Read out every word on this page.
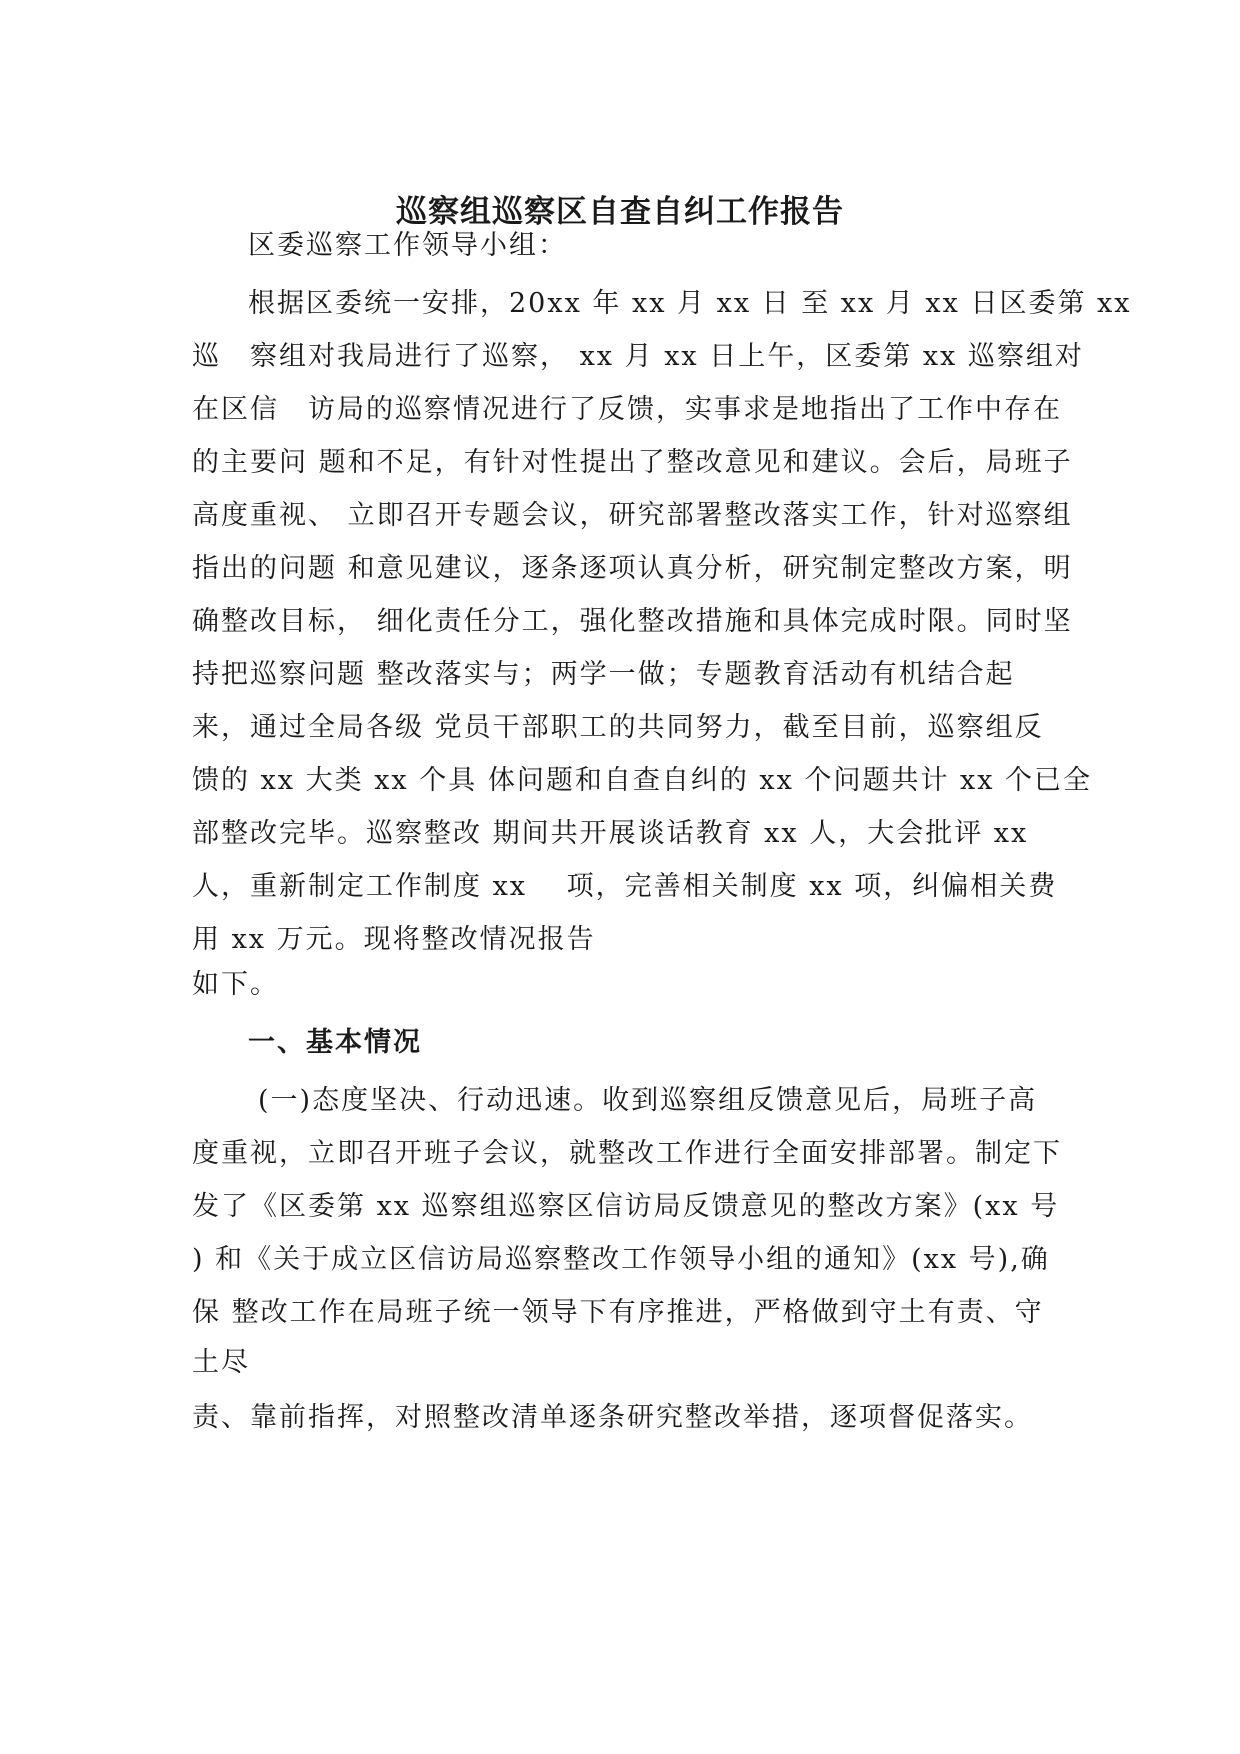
巡察组巡察区自查自纠工作报告
区委巡察工作领导小组：
根据区委统一安排，20xx 年 xx 月 xx 日 至 xx 月 xx 日区委第 xx
巡　察组对我局进行了巡察， xx 月 xx 日上午，区委第 xx 巡察组对
在区信　访局的巡察情况进行了反馈，实事求是地指出了工作中存在
的主要问 题和不足，有针对性提出了整改意见和建议。会后，局班子
高度重视、 立即召开专题会议，研究部署整改落实工作，针对巡察组
指出的问题 和意见建议，逐条逐项认真分析，研究制定整改方案，明
确整改目标， 细化责任分工，强化整改措施和具体完成时限。同时坚
持把巡察问题 整改落实与；两学一做；专题教育活动有机结合起
来，通过全局各级 党员干部职工的共同努力，截至目前，巡察组反
馈的 xx 大类 xx 个具 体问题和自查自纠的 xx 个问题共计 xx 个已全
部整改完毕。巡察整改 期间共开展谈话教育 xx 人，大会批评 xx
人，重新制定工作制度 xx　 项，完善相关制度 xx 项，纠偏相关费
用 xx 万元。现将整改情况报告
如下。
一、基本情况
(一)态度坚决、行动迅速。收到巡察组反馈意见后，局班子高
度重视，立即召开班子会议，就整改工作进行全面安排部署。制定下
发了《区委第 xx 巡察组巡察区信访局反馈意见的整改方案》(xx 号
) 和《关于成立区信访局巡察整改工作领导小组的通知》(xx 号),确
保 整改工作在局班子统一领导下有序推进，严格做到守土有责、守
土尽
责、靠前指挥，对照整改清单逐条研究整改举措，逐项督促落实。
